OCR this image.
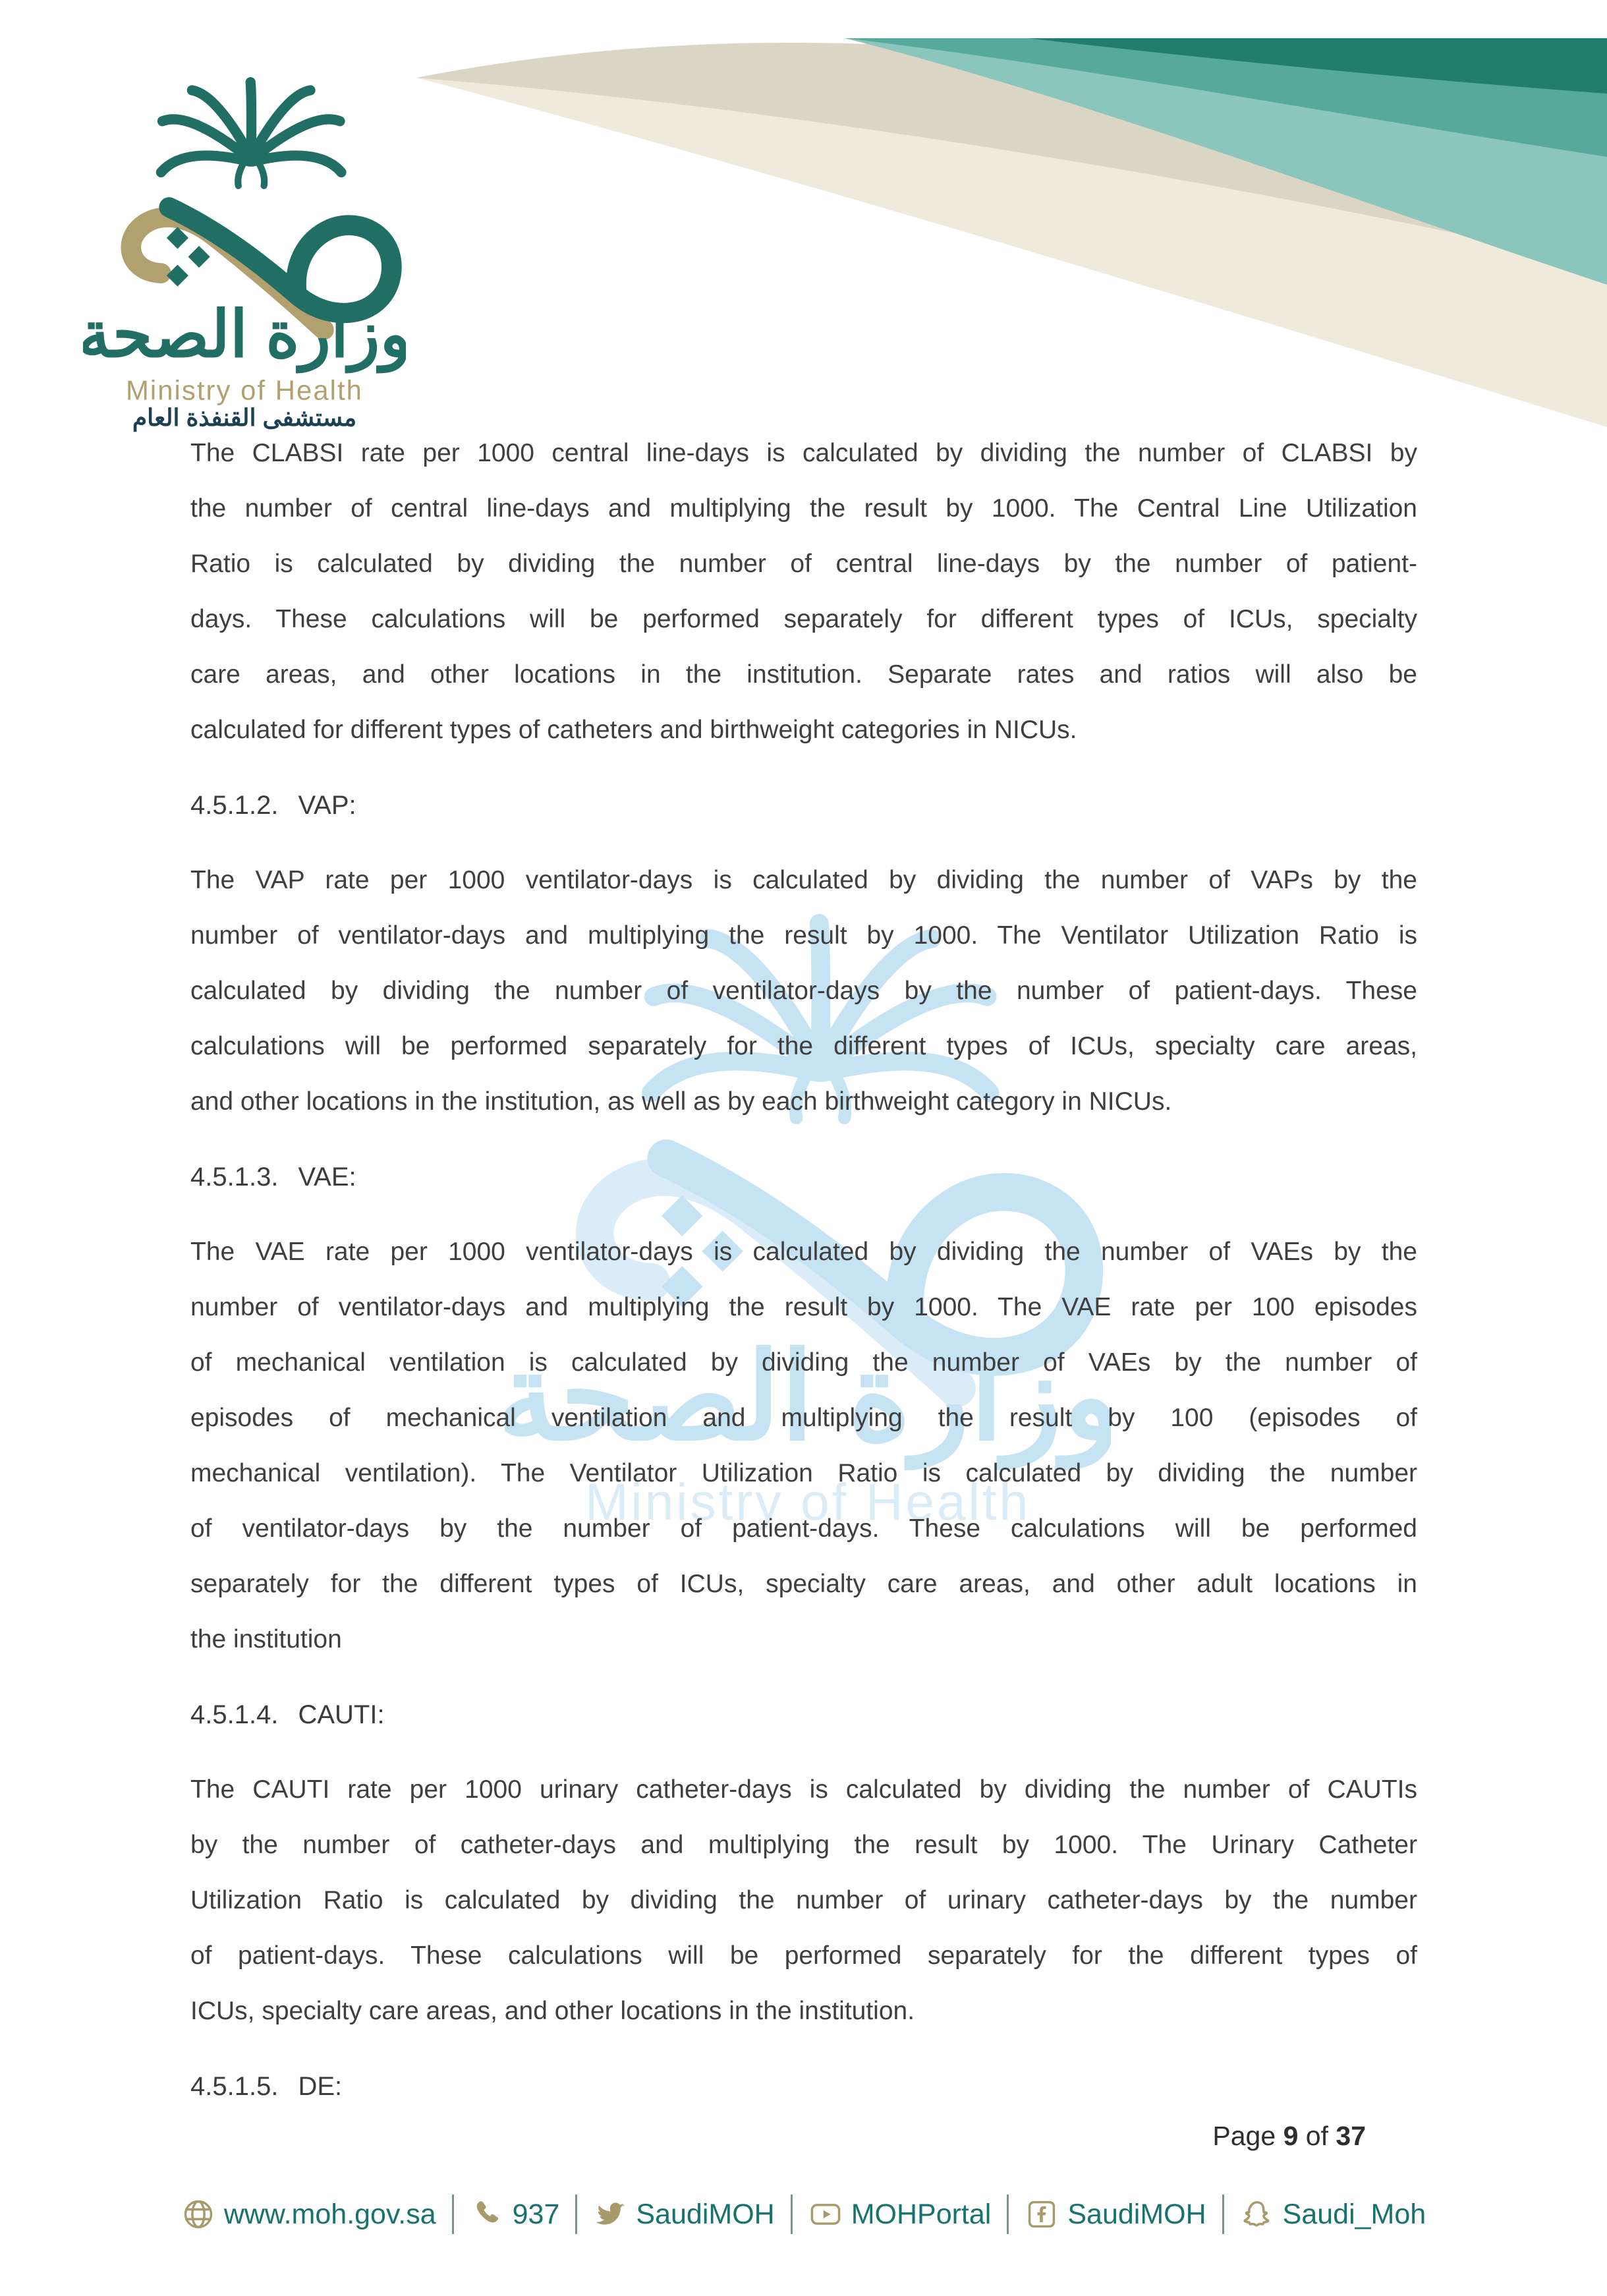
مستشفى القنفذة العام
The CLABSI rate per 1000 central line-days is calculated by dividing the number of CLABSI by
the number of central line-days and multiplying the result by 1000. The Central Line Utilization
Ratio is calculated by dividing the number of central line-days by the number of patient-
days. These calculations will be performed separately for different types of ICUs, specialty
care areas, and other locations in the institution. Separate rates and ratios will also be
calculated for different types of catheters and birthweight categories in NICUs.
4.5.1.2. VAP:
The VAP rate per 1000 ventilator-days is calculated by dividing the number of VAPs by the
number of ventilator-days and multiplying the result by 1000. The Ventilator Utilization Ratio is
calculated by dividing the number of ventilator-days by the number of patient-days. These
calculations will be performed separately for the different types of ICUs, specialty care areas,
and other locations in the institution, as well as by each birthweight category in NICUs.
4.5.1.3. VAE:
The VAE rate per 1000 ventilator-days is calculated by dividing the number of VAEs by the
number of ventilator-days and multiplying the result by 1000. The VAE rate per 100 episodes
of mechanical ventilation is calculated by dividing the number of VAEs by the number of
episodes of mechanical ventilation and multiplying the result by 100 (episodes of
mechanical ventilation). The Ventilator Utilization Ratio is calculated by dividing the number
of ventilator-days by the number of patient-days. These calculations will be performed
separately for the different types of ICUs, specialty care areas, and other adult locations in
the institution
4.5.1.4. CAUTI:
The CAUTI rate per 1000 urinary catheter-days is calculated by dividing the number of CAUTIs
by the number of catheter-days and multiplying the result by 1000. The Urinary Catheter
Utilization Ratio is calculated by dividing the number of urinary catheter-days by the number
of patient-days. These calculations will be performed separately for the different types of
ICUs, specialty care areas, and other locations in the institution.
4.5.1.5. DE:
Page 9 of 37
www.moh.gov.sa	937	SaudiMOH	MOHPortal	SaudiMOH	Saudi_Moh
